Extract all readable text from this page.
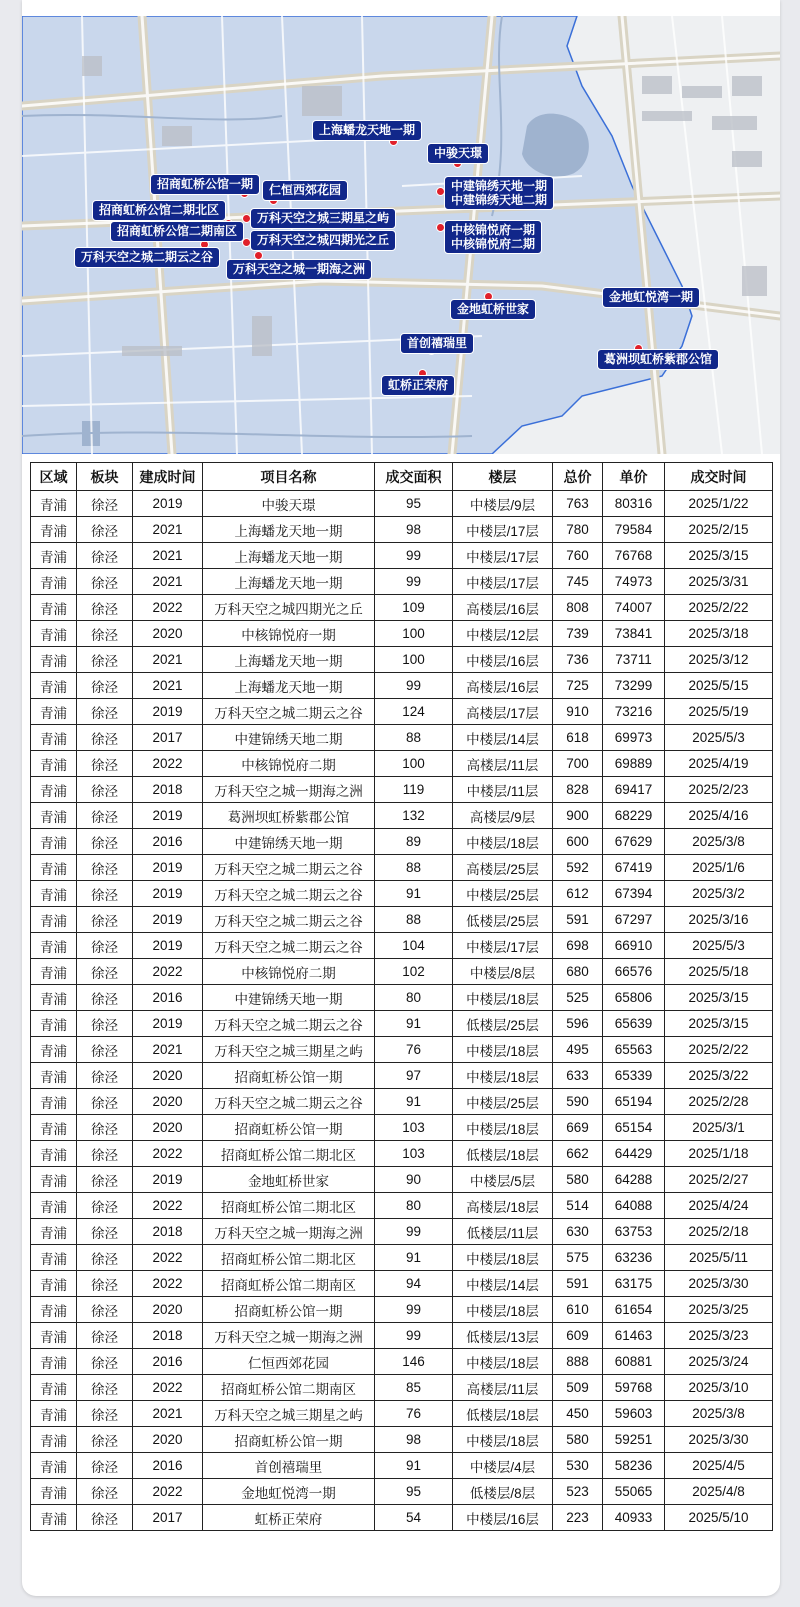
上海蟠龙天地一期
中骏天璟
招商虹桥公馆一期	仁恒西郊花园	中建锦绣天地一期
中建锦绣天地二期
招商虹桥公馆二期北区
万科天空之城三期星之屿
招商虹桥公馆二期南区
万科天空之城四期光之丘
中核锦悦府一期
中核锦悦府二期
万科天空之城二期云之谷
万科天空之城一期海之洲
金地虹桥世家
金地虹悦湾一期
首创禧瑞里
葛洲坝虹桥紫郡公馆
虹桥正荣府
区域	板块	建成时间	项目名称	成交面积	楼层	总价	单价	成交时间
青浦	徐泾	2019	中骏天璟	95	中楼层/9层	763	80316	2025/1/22
青浦	徐泾	2021	上海蟠龙天地一期	98	中楼层/17层	780	79584	2025/2/15
青浦	徐泾	2021	上海蟠龙天地一期	99	中楼层/17层	760	76768	2025/3/15
青浦	徐泾	2021	上海蟠龙天地一期	99	中楼层/17层	745	74973	2025/3/31
青浦	徐泾	2022	万科天空之城四期光之丘	109	高楼层/16层	808	74007	2025/2/22
青浦	徐泾	2020	中核锦悦府一期	100	中楼层/12层	739	73841	2025/3/18
青浦	徐泾	2021	上海蟠龙天地一期	100	中楼层/16层	736	73711	2025/3/12
青浦	徐泾	2021	上海蟠龙天地一期	99	高楼层/16层	725	73299	2025/5/15
青浦	徐泾	2019	万科天空之城二期云之谷	124	高楼层/17层	910	73216	2025/5/19
青浦	徐泾	2017	中建锦绣天地二期	88	中楼层/14层	618	69973	2025/5/3
青浦	徐泾	2022	中核锦悦府二期	100	高楼层/11层	700	69889	2025/4/19
青浦	徐泾	2018	万科天空之城一期海之洲	119	中楼层/11层	828	69417	2025/2/23
青浦	徐泾	2019	葛洲坝虹桥紫郡公馆	132	高楼层/9层	900	68229	2025/4/16
青浦	徐泾	2016	中建锦绣天地一期	89	中楼层/18层	600	67629	2025/3/8
青浦	徐泾	2019	万科天空之城二期云之谷	88	高楼层/25层	592	67419	2025/1/6
青浦	徐泾	2019	万科天空之城二期云之谷	91	中楼层/25层	612	67394	2025/3/2
青浦	徐泾	2019	万科天空之城二期云之谷	88	低楼层/25层	591	67297	2025/3/16
青浦	徐泾	2019	万科天空之城二期云之谷	104	中楼层/17层	698	66910	2025/5/3
青浦	徐泾	2022	中核锦悦府二期	102	中楼层/8层	680	66576	2025/5/18
青浦	徐泾	2016	中建锦绣天地一期	80	中楼层/18层	525	65806	2025/3/15
青浦	徐泾	2019	万科天空之城二期云之谷	91	低楼层/25层	596	65639	2025/3/15
青浦	徐泾	2021	万科天空之城三期星之屿	76	中楼层/18层	495	65563	2025/2/22
青浦	徐泾	2020	招商虹桥公馆一期	97	中楼层/18层	633	65339	2025/3/22
青浦	徐泾	2020	万科天空之城二期云之谷	91	中楼层/25层	590	65194	2025/2/28
青浦	徐泾	2020	招商虹桥公馆一期	103	中楼层/18层	669	65154	2025/3/1
青浦	徐泾	2022	招商虹桥公馆二期北区	103	低楼层/18层	662	64429	2025/1/18
青浦	徐泾	2019	金地虹桥世家	90	中楼层/5层	580	64288	2025/2/27
青浦	徐泾	2022	招商虹桥公馆二期北区	80	高楼层/18层	514	64088	2025/4/24
青浦	徐泾	2018	万科天空之城一期海之洲	99	低楼层/11层	630	63753	2025/2/18
青浦	徐泾	2022	招商虹桥公馆二期北区	91	中楼层/18层	575	63236	2025/5/11
青浦	徐泾	2022	招商虹桥公馆二期南区	94	中楼层/14层	591	63175	2025/3/30
青浦	徐泾	2020	招商虹桥公馆一期	99	中楼层/18层	610	61654	2025/3/25
青浦	徐泾	2018	万科天空之城一期海之洲	99	低楼层/13层	609	61463	2025/3/23
青浦	徐泾	2016	仁恒西郊花园	146	中楼层/18层	888	60881	2025/3/24
青浦	徐泾	2022	招商虹桥公馆二期南区	85	高楼层/11层	509	59768	2025/3/10
青浦	徐泾	2021	万科天空之城三期星之屿	76	低楼层/18层	450	59603	2025/3/8
青浦	徐泾	2020	招商虹桥公馆一期	98	中楼层/18层	580	59251	2025/3/30
青浦	徐泾	2016	首创禧瑞里	91	中楼层/4层	530	58236	2025/4/5
青浦	徐泾	2022	金地虹悦湾一期	95	低楼层/8层	523	55065	2025/4/8
青浦	徐泾	2017	虹桥正荣府	54	中楼层/16层	223	40933	2025/5/10
